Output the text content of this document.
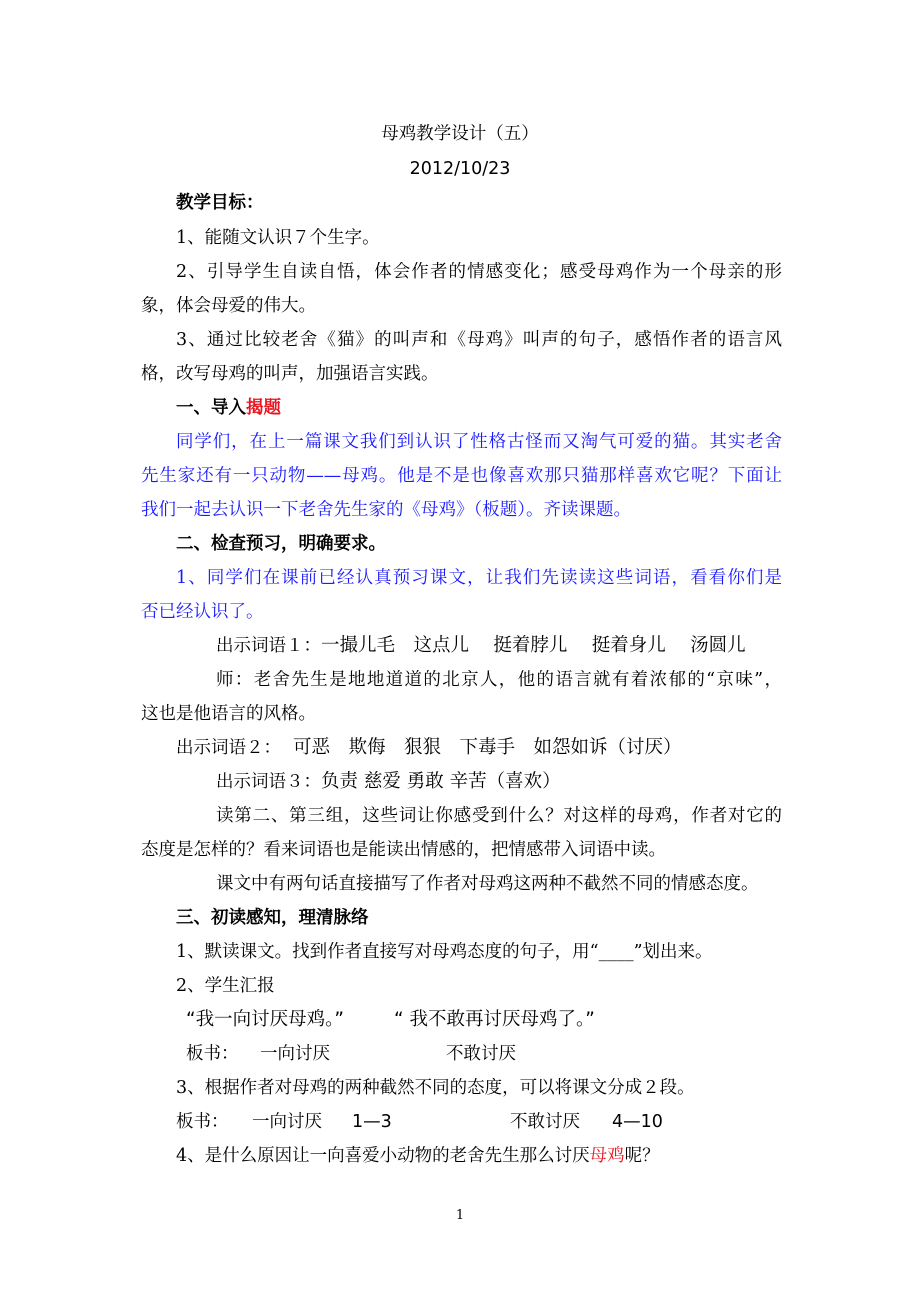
母鸡教学设计（五）
2012/10/23
教学目标：
1、能随文认识７个生字。
2、引导学生自读自悟，体会作者的情感变化；感受母鸡作为一个母亲的形
象，体会母爱的伟大。
3、通过比较老舍《猫》的叫声和《母鸡》叫声的句子，感悟作者的语言风
格，改写母鸡的叫声，加强语言实践。
一、导入揭题
同学们，在上一篇课文我们到认识了性格古怪而又淘气可爱的猫。其实老舍
先生家还有一只动物——母鸡。他是不是也像喜欢那只猫那样喜欢它呢？下面让
我们一起去认识一下老舍先生家的《母鸡》（板题）。齐读课题。
二、检查预习，明确要求。
1、同学们在课前已经认真预习课文，让我们先读读这些词语，看看你们是
否已经认识了。
出示词语１：一撮儿毛　这点儿　 挺着脖儿　 挺着身儿　 汤圆儿
师：老舍先生是地地道道的北京人，他的语言就有着浓郁的“京味”，
这也是他语言的风格。
出示词语２： 可恶　欺侮　狠狠　下毒手　如怨如诉（讨厌）
出示词语３：负责 慈爱 勇敢 辛苦（喜欢）
读第二、第三组，这些词让你感受到什么？对这样的母鸡，作者对它的
态度是怎样的？看来词语也是能读出情感的，把情感带入词语中读。
课文中有两句话直接描写了作者对母鸡这两种不截然不同的情感态度。
三、初读感知，理清脉络
1、默读课文。找到作者直接写对母鸡态度的句子，用“____”划出来。
2、学生汇报
“我一向讨厌母鸡。”	“ 我不敢再讨厌母鸡了。”
板书： 一向讨厌	不敢讨厌
3、根据作者对母鸡的两种截然不同的态度，可以将课文分成２段。
板书： 一向讨厌 1—3	不敢讨厌 4—10
4、是什么原因让一向喜爱小动物的老舍先生那么讨厌母鸡呢？
1
